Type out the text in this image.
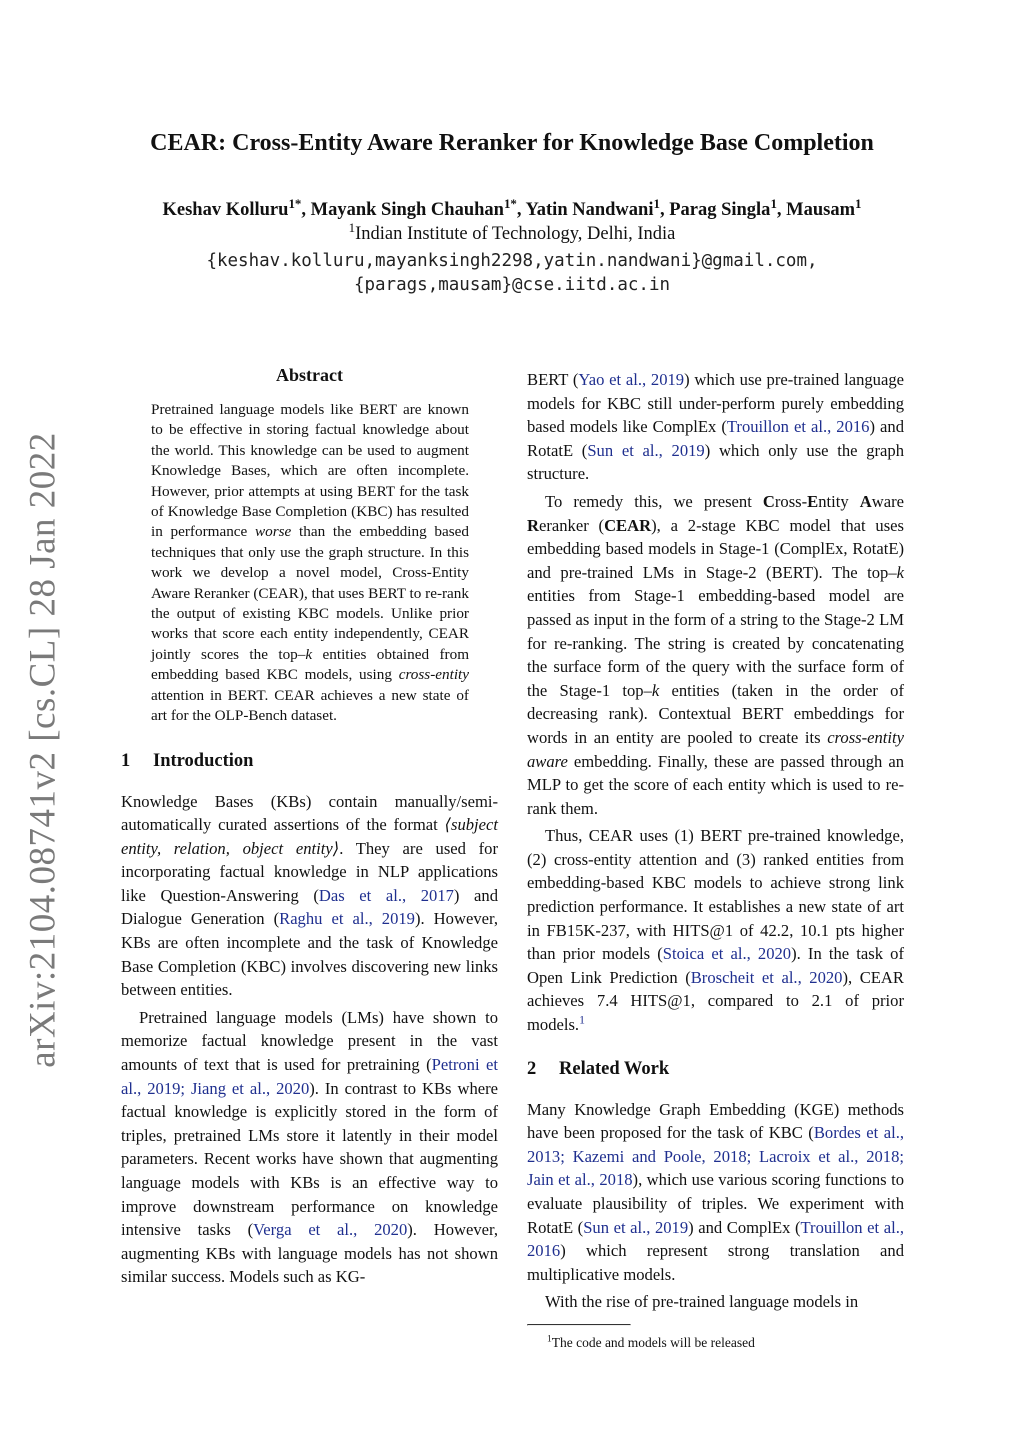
arXiv:2104.08741v2 [cs.CL] 28 Jan 2022
CEAR: Cross-Entity Aware Reranker for Knowledge Base Completion
Keshav Kolluru$^{1*}$, Mayank Singh Chauhan$^{1*}$, Yatin Nandwani$^1$, Parag Singla$^1$, Mausam$^1$
$^1$Indian Institute of Technology, Delhi, India
{keshav.kolluru,mayanksingh2298,yatin.nandwani}@gmail.com,
{parags,mausam}@cse.iitd.ac.in
Abstract

Pretrained language models like BERT are known to be effective in storing factual knowledge about the world. This knowledge can be used to augment Knowledge Bases, which are often incomplete. However, prior attempts at using BERT for the task of Knowledge Base Completion (KBC) has resulted in performance worse than the embedding based techniques that only use the graph structure. In this work we develop a novel model, Cross-Entity Aware Reranker (CEAR), that uses BERT to re-rank the output of existing KBC models. Unlike prior works that score each entity independently, CEAR jointly scores the top–k entities obtained from embedding based KBC models, using cross-entity attention in BERT. CEAR achieves a new state of art for the OLP-Bench dataset.

1 Introduction

Knowledge Bases (KBs) contain manually/semi-automatically curated assertions of the format ⟨subject entity, relation, object entity⟩. They are used for incorporating factual knowledge in NLP applications like Question-Answering (Das et al., 2017) and Dialogue Generation (Raghu et al., 2019). However, KBs are often incomplete and the task of Knowledge Base Completion (KBC) involves discovering new links between entities.

Pretrained language models (LMs) have shown to memorize factual knowledge present in the vast amounts of text that is used for pretraining (Petroni et al., 2019; Jiang et al., 2020). In contrast to KBs where factual knowledge is explicitly stored in the form of triples, pretrained LMs store it latently in their model parameters. Recent works have shown that augmenting language models with KBs is an effective way to improve downstream performance on knowledge intensive tasks (Verga et al., 2020). However, augmenting KBs with language models has not shown similar success. Models such as KG-

BERT (Yao et al., 2019) which use pre-trained language models for KBC still under-perform purely embedding based models like ComplEx (Trouillon et al., 2016) and RotatE (Sun et al., 2019) which only use the graph structure.

To remedy this, we present Cross-Entity Aware Reranker (CEAR), a 2-stage KBC model that uses embedding based models in Stage-1 (ComplEx, RotatE) and pre-trained LMs in Stage-2 (BERT). The top–k entities from Stage-1 embedding-based model are passed as input in the form of a string to the Stage-2 LM for re-ranking. The string is created by concatenating the surface form of the query with the surface form of the Stage-1 top–k entities (taken in the order of decreasing rank). Contextual BERT embeddings for words in an entity are pooled to create its cross-entity aware embedding. Finally, these are passed through an MLP to get the score of each entity which is used to re-rank them.

Thus, CEAR uses (1) BERT pre-trained knowledge, (2) cross-entity attention and (3) ranked entities from embedding-based KBC models to achieve strong link prediction performance. It establishes a new state of art in FB15K-237, with HITS@1 of 42.2, 10.1 pts higher than prior models (Stoica et al., 2020). In the task of Open Link Prediction (Broscheit et al., 2020), CEAR achieves 7.4 HITS@1, compared to 2.1 of prior models.$^1$

2 Related Work

Many Knowledge Graph Embedding (KGE) methods have been proposed for the task of KBC (Bordes et al., 2013; Kazemi and Poole, 2018; Lacroix et al., 2018; Jain et al., 2018), which use various scoring functions to evaluate plausibility of triples. We experiment with RotatE (Sun et al., 2019) and ComplEx (Trouillon et al., 2016) which represent strong translation and multiplicative models.

With the rise of pre-trained language models in

$^1$The code and models will be released
